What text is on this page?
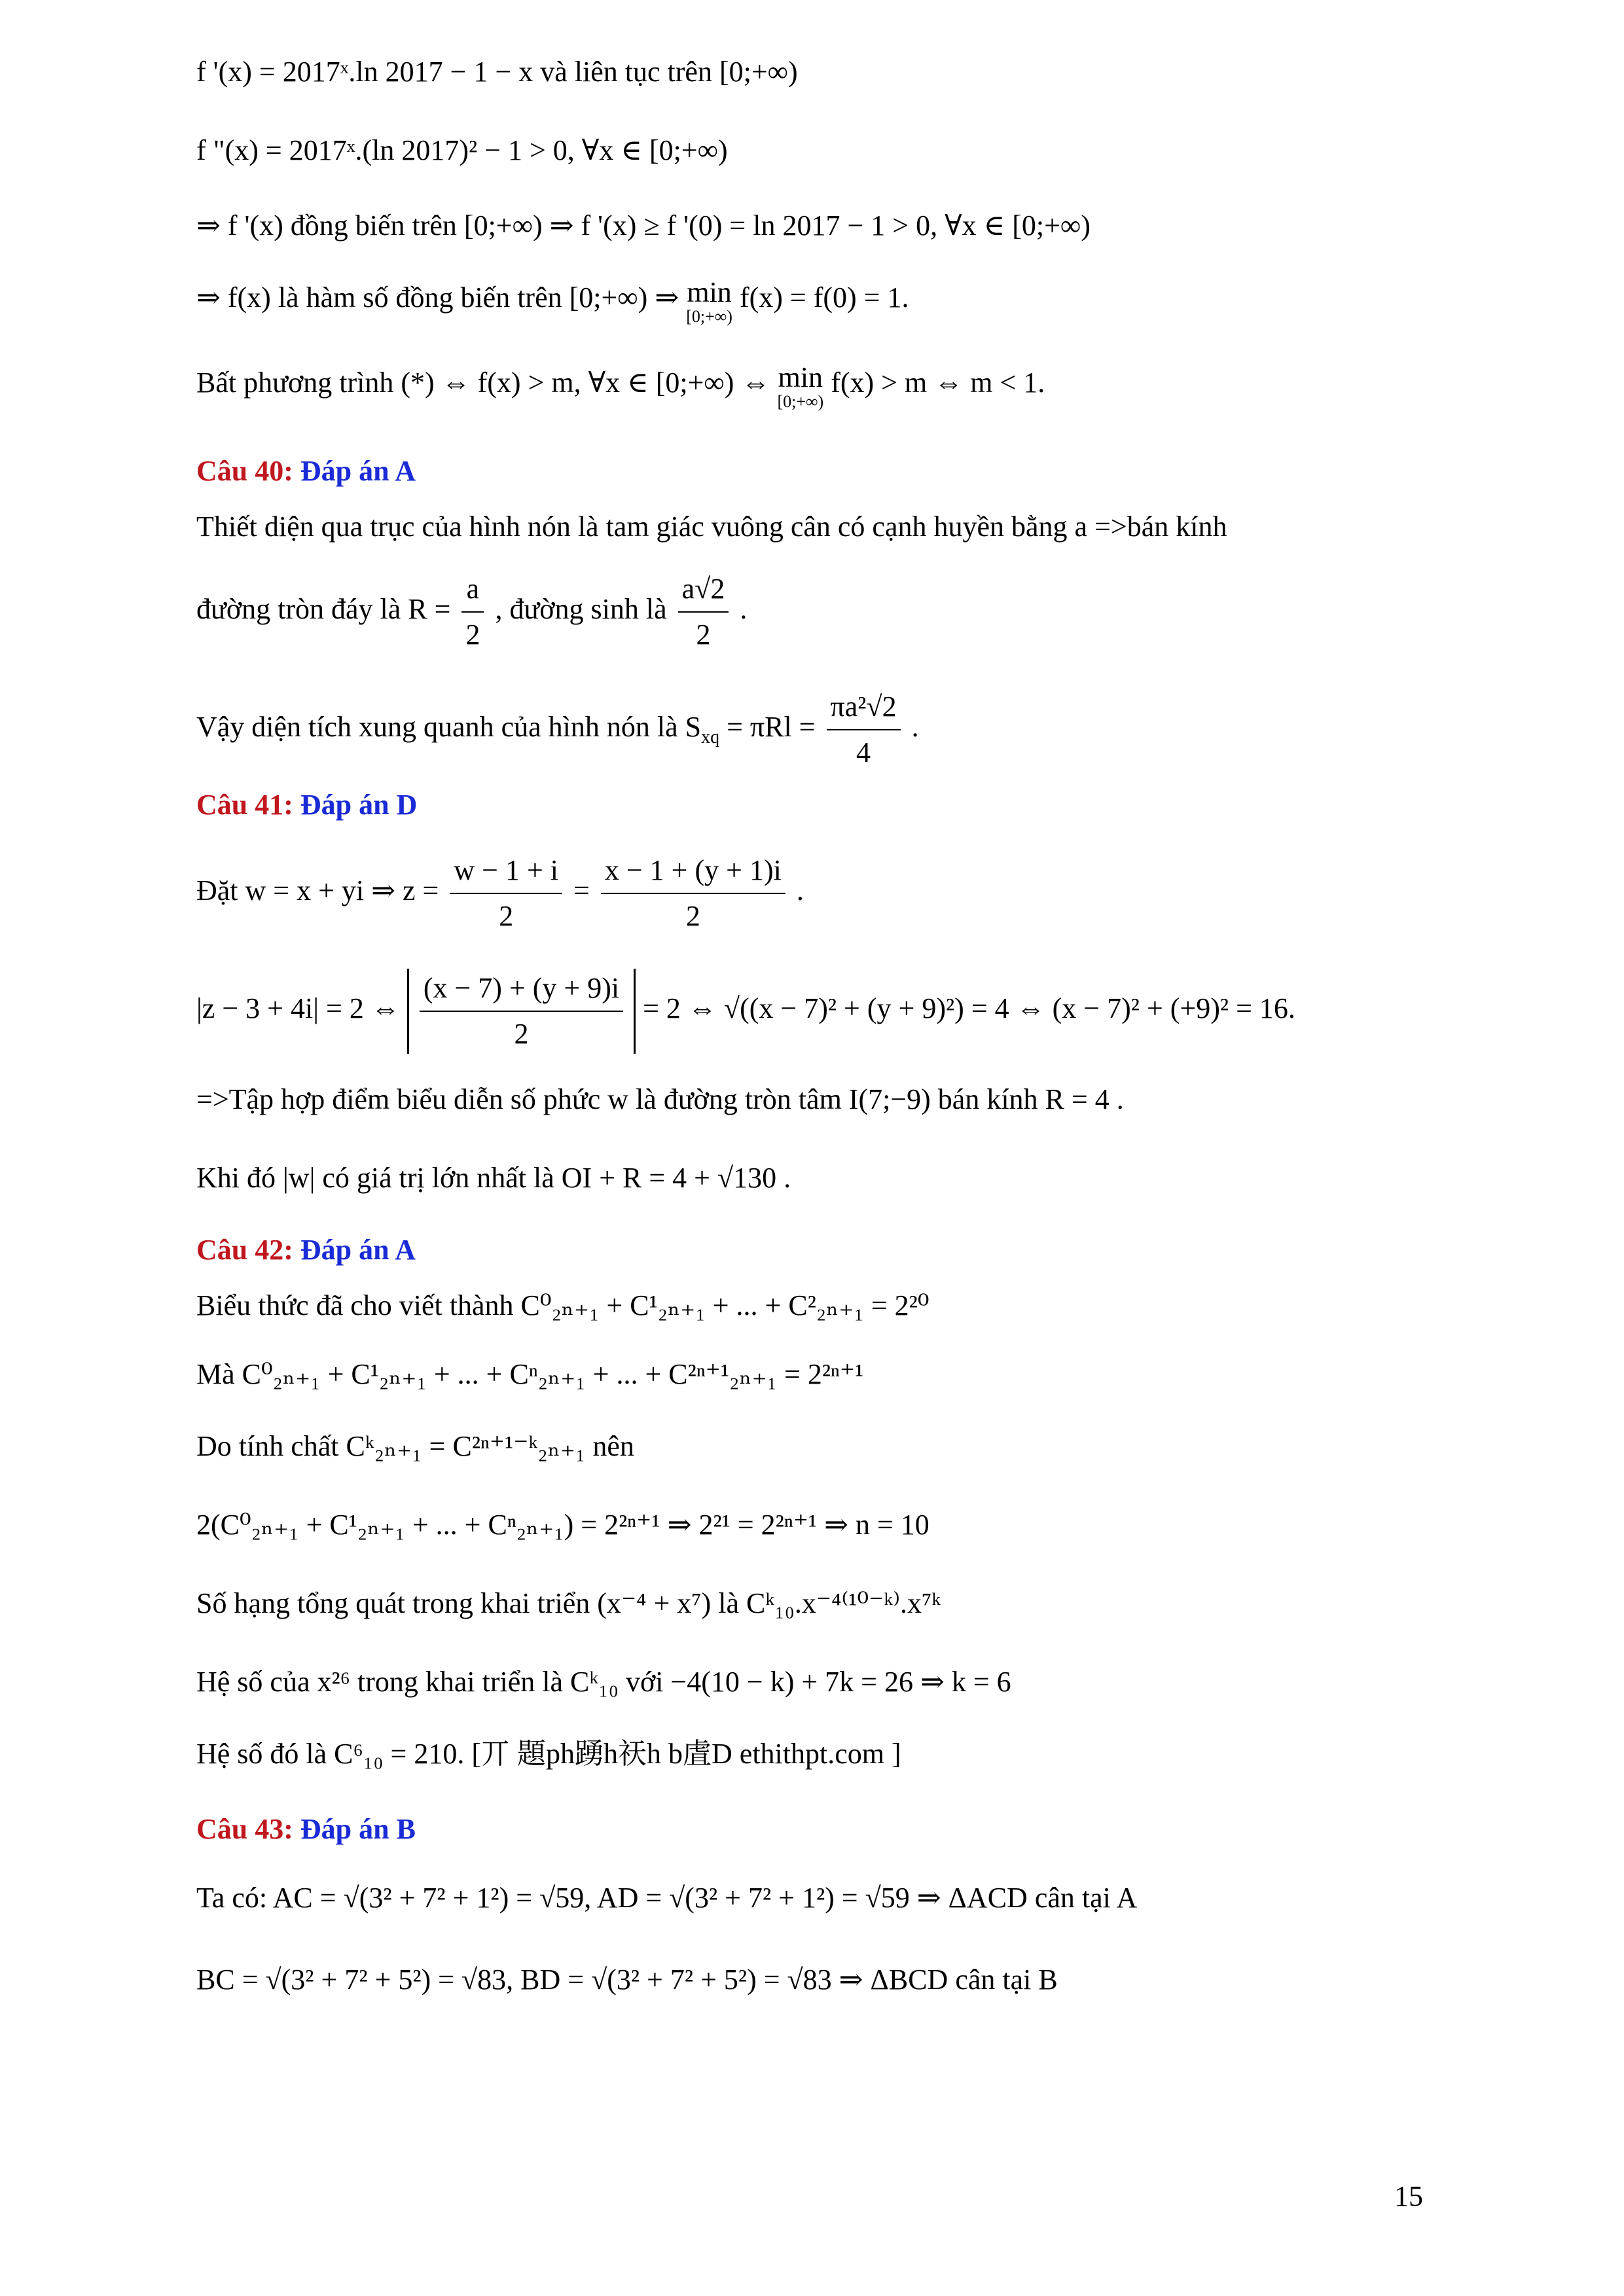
f '(x) = 2017ˣ.ln 2017 − 1 − x và liên tục trên [0;+∞)
f "(x) = 2017ˣ.(ln 2017)² − 1 > 0, ∀x ∈ [0;+∞)
⇒ f '(x) đồng biến trên [0;+∞) ⇒ f '(x) ≥ f '(0) = ln 2017 − 1 > 0, ∀x ∈ [0;+∞)
⇒ f(x) là hàm số đồng biến trên [0;+∞) ⇒ min
[0;+∞)
f(x) = f(0) = 1.
Bất phương trình (*) ⇔ f(x) > m, ∀x ∈ [0;+∞) ⇔ min
[0;+∞)
f(x) > m ⇔ m < 1.
Câu 40: Đáp án A
Thiết diện qua trục của hình nón là tam giác vuông cân có cạnh huyền bằng a =>bán kính
đường tròn đáy là $R = \frac{a}{2}$ , đường sinh là $\frac{a√2}{2}$ .
Vậy diện tích xung quanh của hình nón là $S_{xq} = \pi Rl = \frac{\text{πa²√2}}{4}$ .
Câu 41: Đáp án D
Đặt w = x + yi ⇒ $z = \frac{w - 1 + i}{2} = \frac{x - 1 + (y + 1)i}{2}$ .
|z − 3 + 4i| = 2 ⇔ $\frac{(x - 7) + (y + 9)i}{2} = 2$ ⇔ √((x − 7)² + (y + 9)²) = 4 ⇔ (x − 7)² + (+9)² = 16.
=>Tập hợp điểm biểu diễn số phức w là đường tròn tâm I(7;−9) bán kính R = 4 .
Khi đó |w| có giá trị lớn nhất là OI + R = 4 + √130 .
Câu 42: Đáp án A
Biểu thức đã cho viết thành C⁰₂ₙ₊₁ + C¹₂ₙ₊₁ + ... + C²₂ₙ₊₁ = 2²⁰
Mà C⁰₂ₙ₊₁ + C¹₂ₙ₊₁ + ... + Cⁿ₂ₙ₊₁ + ... + C²ⁿ⁺¹₂ₙ₊₁ = 2²ⁿ⁺¹
Do tính chất Cᵏ₂ₙ₊₁ = C²ⁿ⁺¹⁻ᵏ₂ₙ₊₁ nên
2(C⁰₂ₙ₊₁ + C¹₂ₙ₊₁ + ... + Cⁿ₂ₙ₊₁) = 2²ⁿ⁺¹ ⇒ 2²¹ = 2²ⁿ⁺¹ ⇒ n = 10
Số hạng tổng quát trong khai triển (x⁻⁴ + x⁷) là Cᵏ₁₀.x⁻⁴⁽¹⁰⁻ᵏ⁾.x⁷ᵏ
Hệ số của x²⁶ trong khai triển là Cᵏ₁₀ với −4(10 − k) + 7k = 26 ⇒ k = 6
Hệ số đó là C⁶₁₀ = 210. [丌 題ph踴h祆h b虘D ethithpt.com ]
Câu 43: Đáp án B
Ta có: AC = √(3² + 7² + 1²) = √59, AD = √(3² + 7² + 1²) = √59 ⇒ ΔACD cân tại A
BC = √(3² + 7² + 5²) = √83, BD = √(3² + 7² + 5²) = √83 ⇒ ΔBCD cân tại B
15
